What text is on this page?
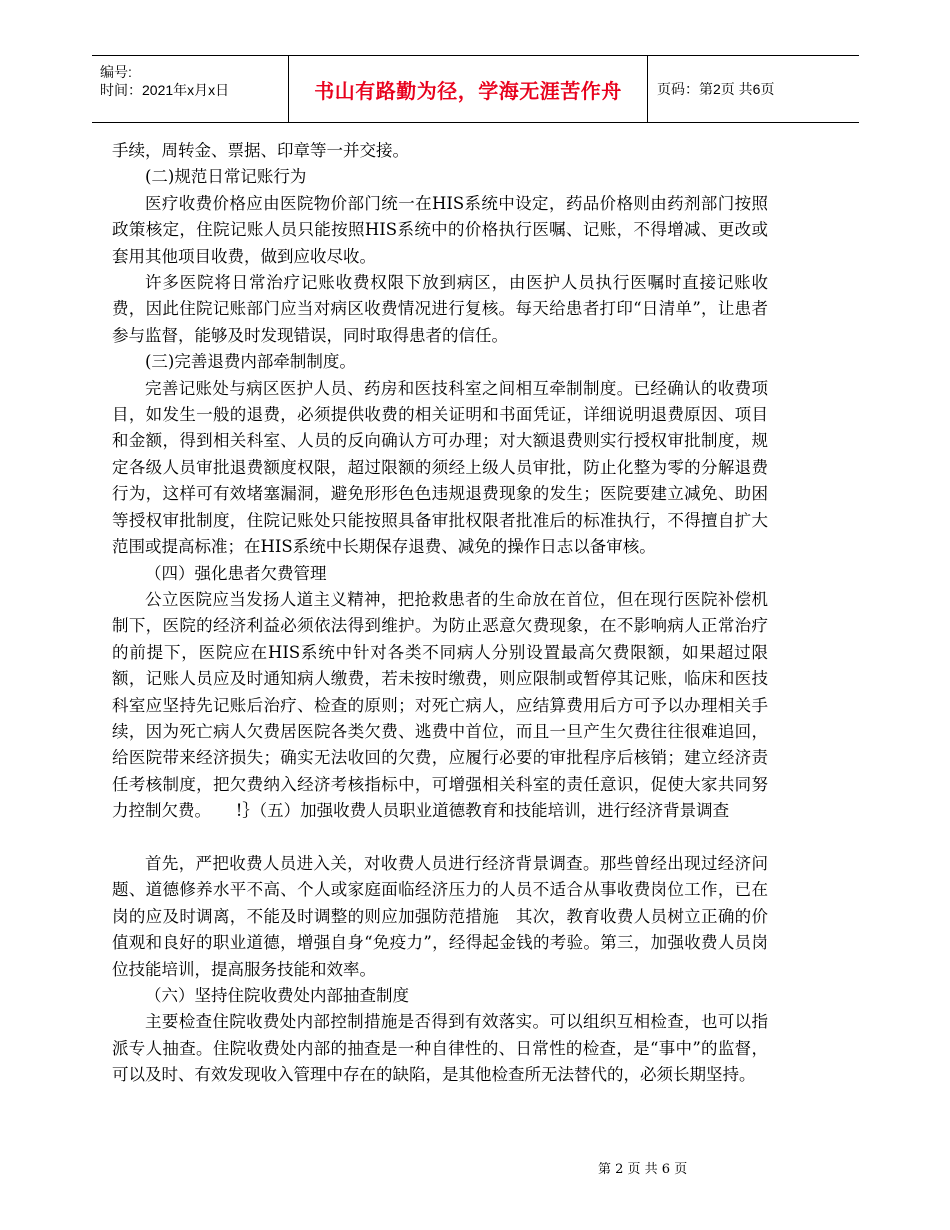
编号:
时间：2021年x月x日	书山有路勤为径，学海无涯苦作舟	页码：第2页 共6页

手续，周转金、票据、印章等一并交接。

(二)规范日常记账行为

医疗收费价格应由医院物价部门统一在HIS系统中设定，药品价格则由药剂部门按照政策核定，住院记账人员只能按照HIS系统中的价格执行医嘱、记账，不得增减、更改或套用其他项目收费，做到应收尽收。

许多医院将日常治疗记账收费权限下放到病区，由医护人员执行医嘱时直接记账收费，因此住院记账部门应当对病区收费情况进行复核。每天给患者打印“日清单”，让患者参与监督，能够及时发现错误，同时取得患者的信任。

(三)完善退费内部牵制制度。

完善记账处与病区医护人员、药房和医技科室之间相互牵制制度。已经确认的收费项目，如发生一般的退费，必须提供收费的相关证明和书面凭证，详细说明退费原因、项目和金额，得到相关科室、人员的反向确认方可办理；对大额退费则实行授权审批制度，规定各级人员审批退费额度权限，超过限额的须经上级人员审批，防止化整为零的分解退费行为，这样可有效堵塞漏洞，避免形形色色违规退费现象的发生；医院要建立减免、助困等授权审批制度，住院记账处只能按照具备审批权限者批准后的标准执行，不得擅自扩大范围或提高标准；在HIS系统中长期保存退费、减免的操作日志以备审核。

（四）强化患者欠费管理

公立医院应当发扬人道主义精神，把抢救患者的生命放在首位，但在现行医院补偿机制下，医院的经济利益必须依法得到维护。为防止恶意欠费现象，在不影响病人正常治疗的前提下，医院应在HIS系统中针对各类不同病人分别设置最高欠费限额，如果超过限额，记账人员应及时通知病人缴费，若未按时缴费，则应限制或暂停其记账，临床和医技科室应坚持先记账后治疗、检查的原则；对死亡病人，应结算费用后方可予以办理相关手续，因为死亡病人欠费居医院各类欠费、逃费中首位，而且一旦产生欠费往往很难追回，给医院带来经济损失；确实无法收回的欠费，应履行必要的审批程序后核销；建立经济责任考核制度，把欠费纳入经济考核指标中，可增强相关科室的责任意识，促使大家共同努力控制欠费。　　!｝（五）加强收费人员职业道德教育和技能培训，进行经济背景调查

首先，严把收费人员进入关，对收费人员进行经济背景调查。那些曾经出现过经济问题、道德修养水平不高、个人或家庭面临经济压力的人员不适合从事收费岗位工作，已在岗的应及时调离，不能及时调整的则应加强防范措施　其次，教育收费人员树立正确的价值观和良好的职业道德，增强自身“免疫力”，经得起金钱的考验。第三，加强收费人员岗位技能培训，提高服务技能和效率。

（六）坚持住院收费处内部抽查制度

主要检查住院收费处内部控制措施是否得到有效落实。可以组织互相检查，也可以指派专人抽查。住院收费处内部的抽查是一种自律性的、日常性的检查，是“事中”的监督，可以及时、有效发现收入管理中存在的缺陷，是其他检查所无法替代的，必须长期坚持。

第 2 页 共 6 页
